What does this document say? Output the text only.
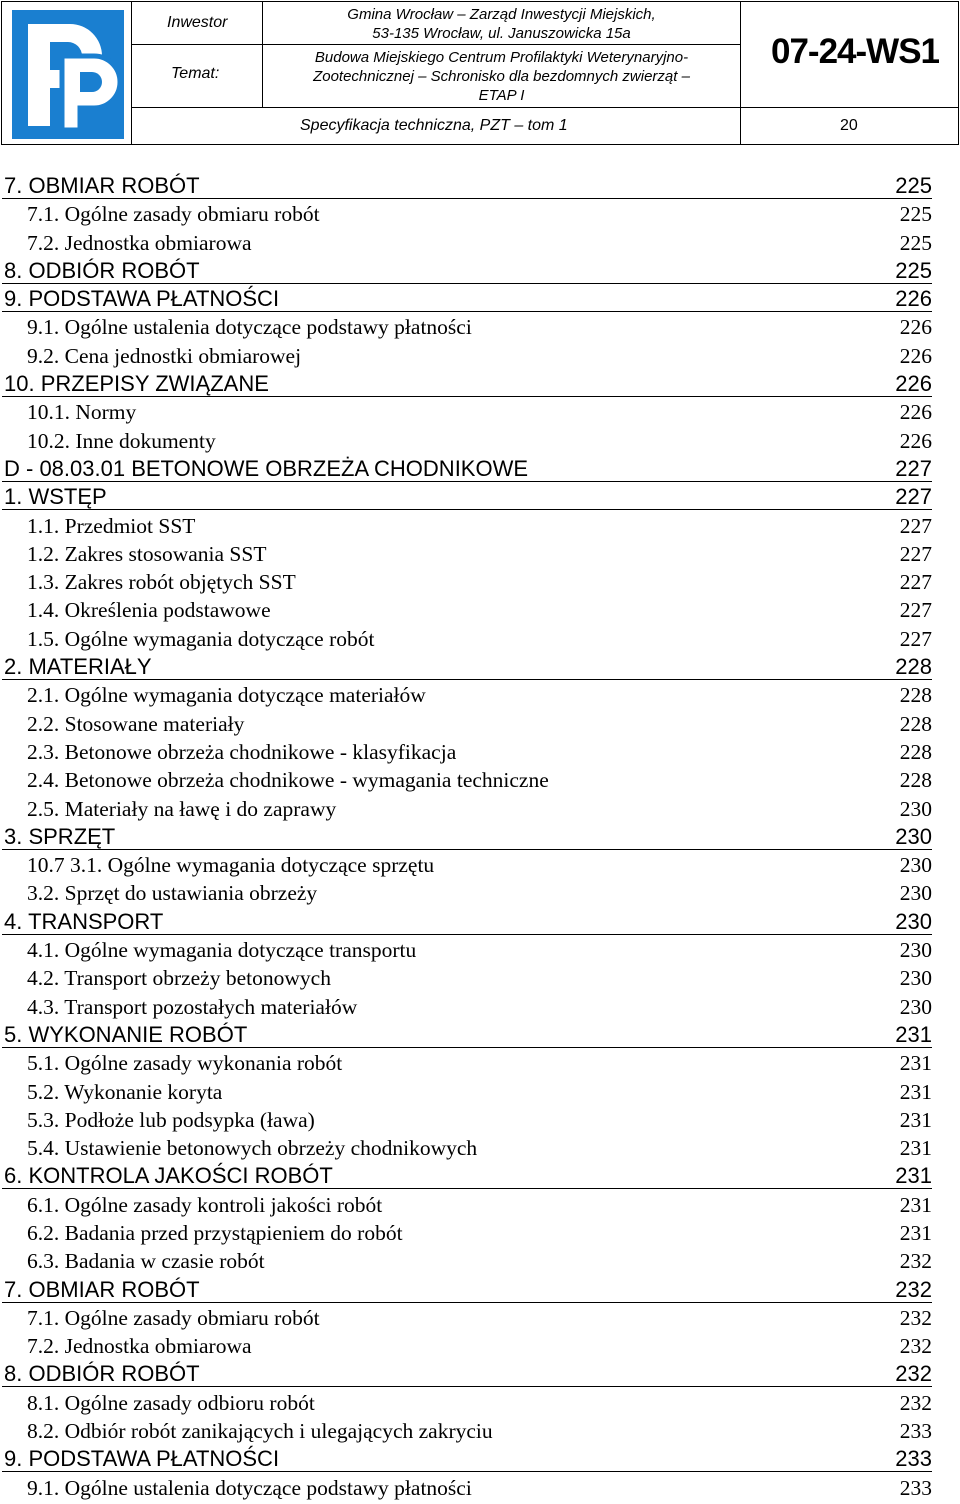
Inwestor
Temat:
Gmina Wrocław – Zarząd Inwestycji Miejskich,
53-135 Wrocław, ul. Januszowicka 15a
Budowa Miejskiego Centrum Profilaktyki Weterynaryjno-
Zootechnicznej – Schronisko dla bezdomnych zwierząt –
ETAP I
07-24-WS1
Specyfikacja techniczna, PZT – tom 1	20
7. OBMIAR ROBÓT	225
7.1. Ogólne zasady obmiaru robót	225
7.2. Jednostka obmiarowa	225
8. ODBIÓR ROBÓT	225
9. PODSTAWA PŁATNOŚCI	226
9.1. Ogólne ustalenia dotyczące podstawy płatności	226
9.2. Cena jednostki obmiarowej	226
10. PRZEPISY ZWIĄZANE	226
10.1. Normy	226
10.2. Inne dokumenty	226
D - 08.03.01 BETONOWE OBRZEŻA CHODNIKOWE	227
1. WSTĘP	227
1.1. Przedmiot SST	227
1.2. Zakres stosowania SST	227
1.3. Zakres robót objętych SST	227
1.4. Określenia podstawowe	227
1.5. Ogólne wymagania dotyczące robót	227
2. MATERIAŁY	228
2.1. Ogólne wymagania dotyczące materiałów	228
2.2. Stosowane materiały	228
2.3. Betonowe obrzeża chodnikowe - klasyfikacja	228
2.4. Betonowe obrzeża chodnikowe - wymagania techniczne	228
2.5. Materiały na ławę i do zaprawy	230
3. SPRZĘT	230
10.7 3.1. Ogólne wymagania dotyczące sprzętu	230
3.2. Sprzęt do ustawiania obrzeży	230
4. TRANSPORT	230
4.1. Ogólne wymagania dotyczące transportu	230
4.2. Transport obrzeży betonowych	230
4.3. Transport pozostałych materiałów	230
5. WYKONANIE ROBÓT	231
5.1. Ogólne zasady wykonania robót	231
5.2. Wykonanie koryta	231
5.3. Podłoże lub podsypka (ława)	231
5.4. Ustawienie betonowych obrzeży chodnikowych	231
6. KONTROLA JAKOŚCI ROBÓT	231
6.1. Ogólne zasady kontroli jakości robót	231
6.2. Badania przed przystąpieniem do robót	231
6.3. Badania w czasie robót	232
7. OBMIAR ROBÓT	232
7.1. Ogólne zasady obmiaru robót	232
7.2. Jednostka obmiarowa	232
8. ODBIÓR ROBÓT	232
8.1. Ogólne zasady odbioru robót	232
8.2. Odbiór robót zanikających i ulegających zakryciu	233
9. PODSTAWA PŁATNOŚCI	233
9.1. Ogólne ustalenia dotyczące podstawy płatności	233
